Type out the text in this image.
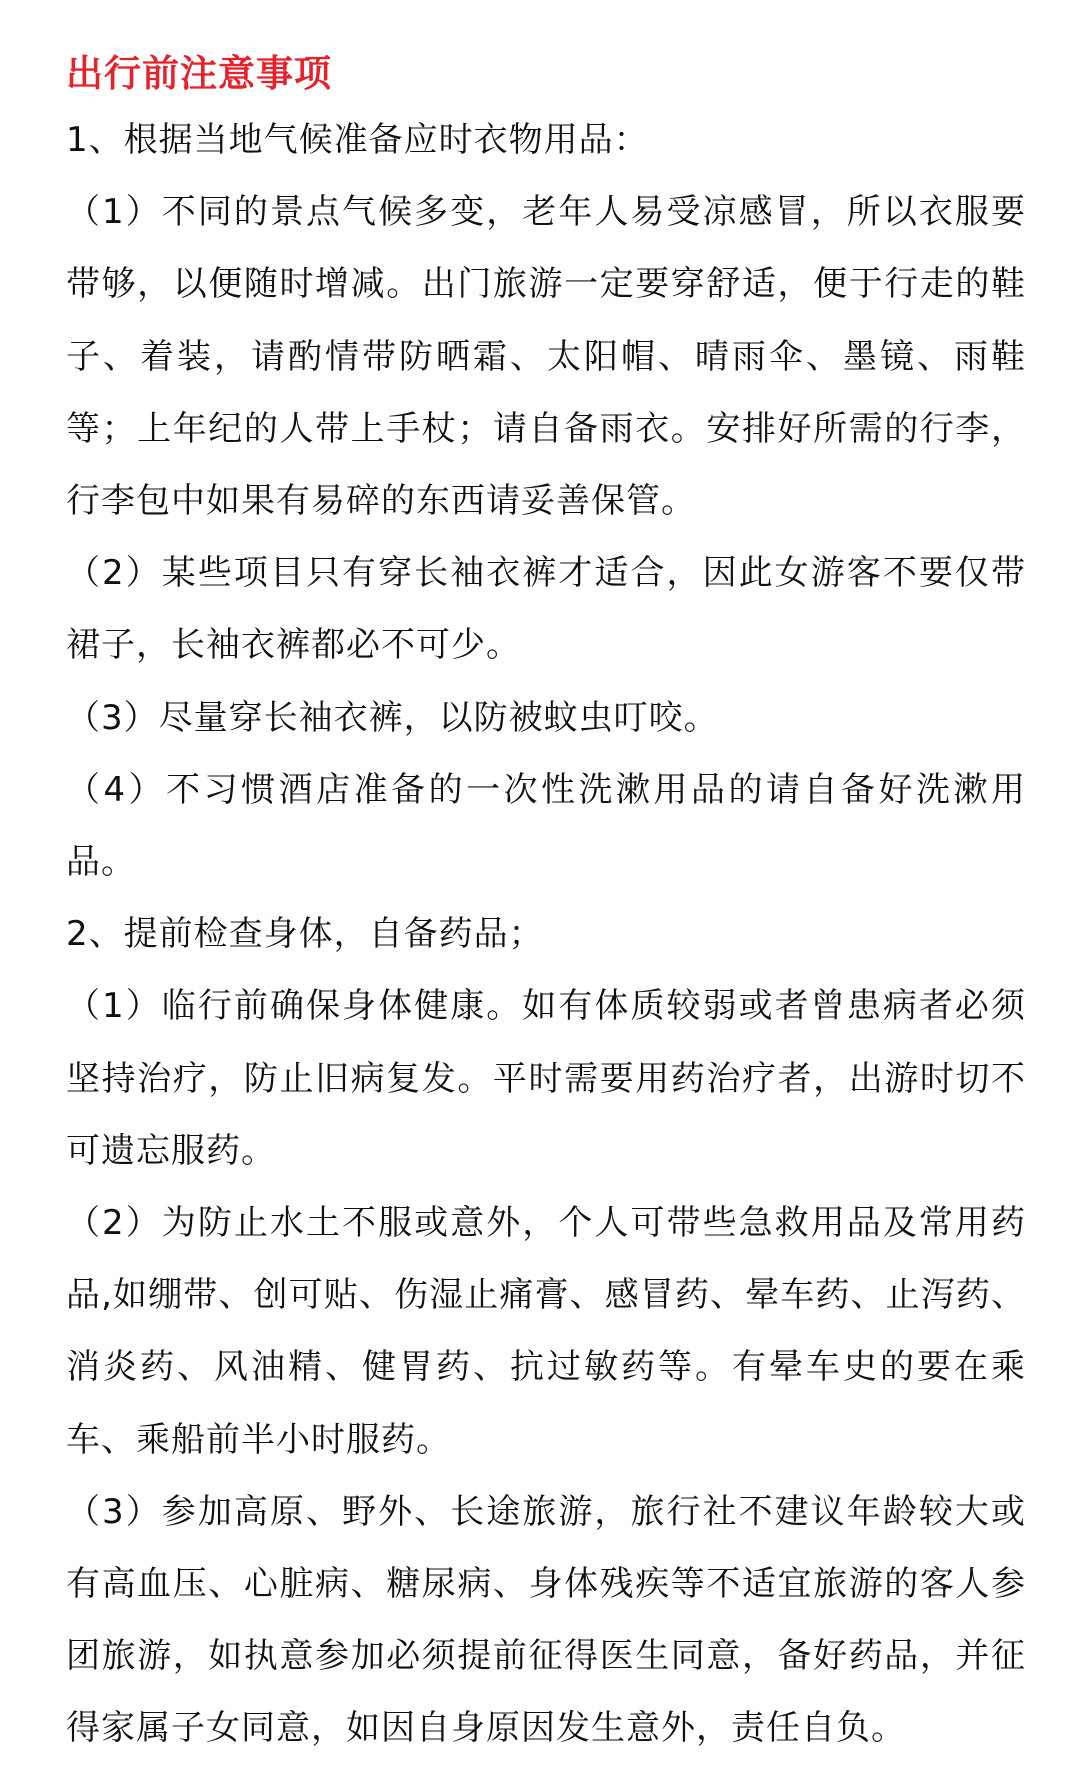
出行前注意事项

1、根据当地气候准备应时衣物用品：

（1）不同的景点气候多变，老年人易受凉感冒，所以衣服要带够，以便随时增减。出门旅游一定要穿舒适，便于行走的鞋子、着装，请酌情带防晒霜、太阳帽、晴雨伞、墨镜、雨鞋等；上年纪的人带上手杖；请自备雨衣。安排好所需的行李，行李包中如果有易碎的东西请妥善保管。

（2）某些项目只有穿长袖衣裤才适合，因此女游客不要仅带裙子，长袖衣裤都必不可少。

（3）尽量穿长袖衣裤，以防被蚊虫叮咬。

（4）不习惯酒店准备的一次性洗漱用品的请自备好洗漱用品。

2、提前检查身体，自备药品；

（1）临行前确保身体健康。如有体质较弱或者曾患病者必须坚持治疗，防止旧病复发。平时需要用药治疗者，出游时切不可遗忘服药。

（2）为防止水土不服或意外，个人可带些急救用品及常用药品,如绷带、创可贴、伤湿止痛膏、感冒药、晕车药、止泻药、消炎药、风油精、健胃药、抗过敏药等。有晕车史的要在乘车、乘船前半小时服药。

（3）参加高原、野外、长途旅游，旅行社不建议年龄较大或有高血压、心脏病、糖尿病、身体残疾等不适宜旅游的客人参团旅游，如执意参加必须提前征得医生同意，备好药品，并征得家属子女同意，如因自身原因发生意外，责任自负。
